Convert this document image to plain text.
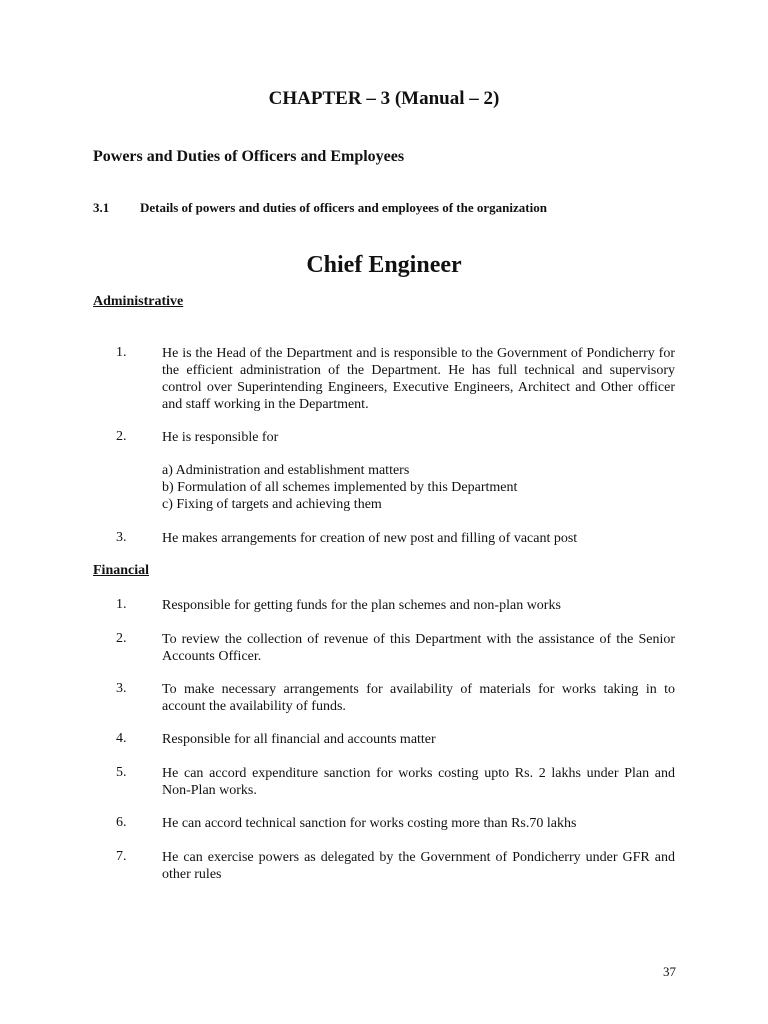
CHAPTER – 3 (Manual – 2)
Powers and Duties of Officers and Employees
3.1 Details of powers and duties of officers and employees of the organization
Chief Engineer
Administrative
1.	He is the Head of the Department and is responsible to the Government of Pondicherry for the efficient administration of the Department. He has full technical and supervisory control over Superintending Engineers, Executive Engineers, Architect and Other officer and staff working in the Department.
2.	He is responsible for
a) Administration and establishment matters
b) Formulation of all schemes implemented by this Department
c) Fixing of targets and achieving them
3.	He makes arrangements for creation of new post and filling of vacant post
Financial
1.	Responsible for getting funds for the plan schemes and non-plan works
2.	To review the collection of revenue of this Department with the assistance of the Senior Accounts Officer.
3.	To make necessary arrangements for availability of materials for works taking in to account the availability of funds.
4.	Responsible for all financial and accounts matter
5.	He can accord expenditure sanction for works costing upto Rs. 2 lakhs under Plan and Non-Plan works.
6.	He can accord technical sanction for works costing more than Rs.70 lakhs
7.	He can exercise powers as delegated by the Government of Pondicherry under GFR and other rules
37
